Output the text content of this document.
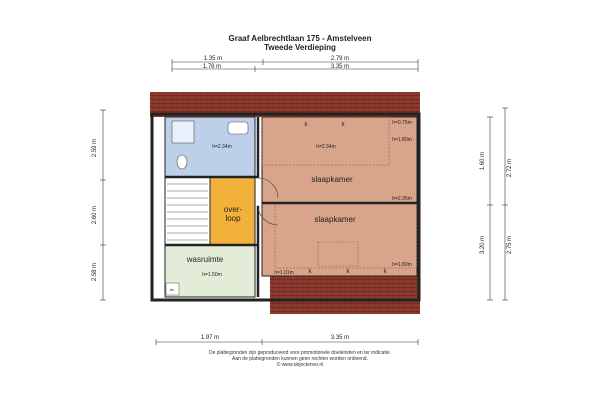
Graaf Aelbrechtlaan 175 - Amstelveen
Tweede Verdieping
1.35 m	2.79 m
1.78 m	3.35 m
2.59 m
2.60 m
2.58 m
1.60 m
3.20 m
2.72 m
2.75 m
1.97 m	3.35 m
h=2.34m
over-
loop
wasruimte
h=1.50m
dv
slaapkamer
h=2.34m
h=0.75m
h=1.80m
k	k
slaapkamer
h=2.35m
h=1.80m
h=1.01m k	k	k
De plattegronden zijn geproduceerd voor promotionele doeleinden en ter indicatie.
Aan de plattegronden kunnen geen rechten worden ontleend.
© www.objectenvo.nl
